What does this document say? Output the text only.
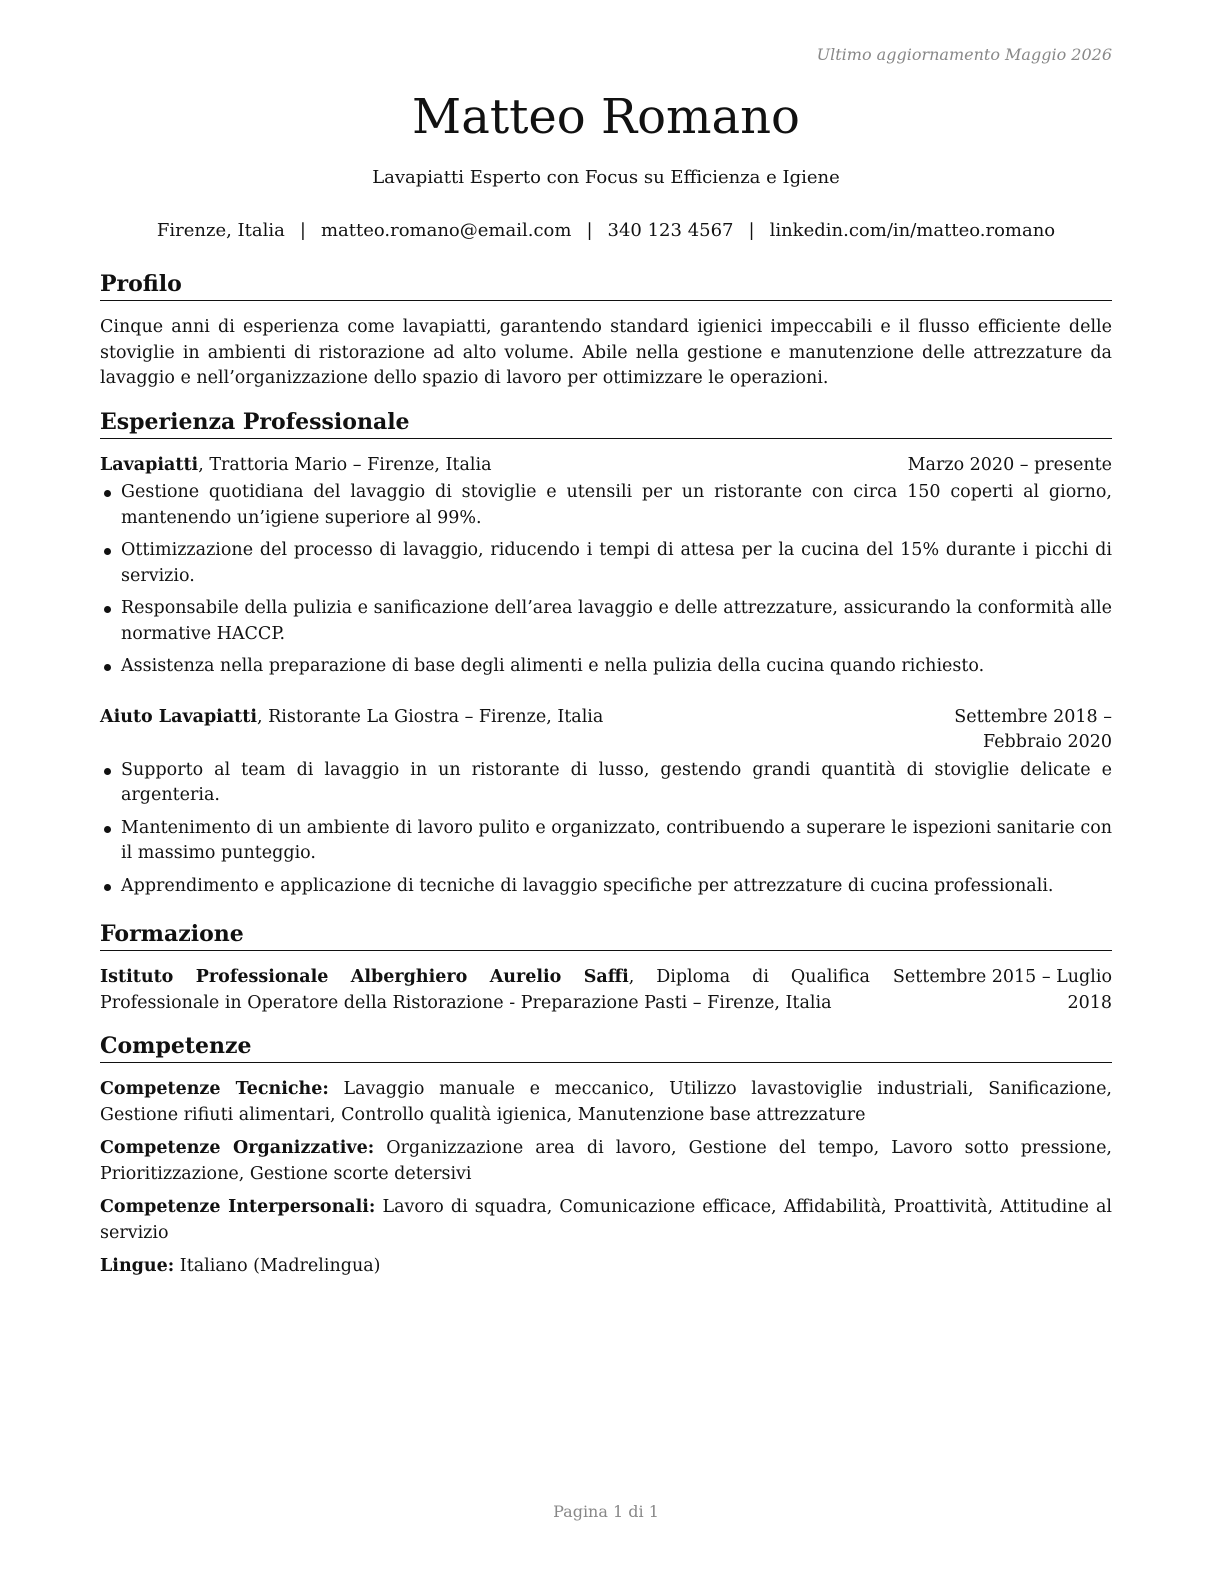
Ultimo aggiornamento Maggio 2026
Matteo Romano
Lavapiatti Esperto con Focus su Efficienza e Igiene
Firenze, Italia | matteo.romano@email.com | 340 123 4567 | linkedin.com/in/matteo.romano
Profilo

Cinque anni di esperienza come lavapiatti, garantendo standard igienici impeccabili e il flusso efficiente delle stoviglie in ambienti di ristorazione ad alto volume. Abile nella gestione e manutenzione delle attrezzature da lavaggio e nell’organizzazione dello spazio di lavoro per ottimizzare le operazioni.

Esperienza Professionale
Lavapiatti, Trattoria Mario – Firenze, Italia	Marzo 2020 – presente
Gestione quotidiana del lavaggio di stoviglie e utensili per un ristorante con circa 150 coperti al giorno, mantenendo un’igiene superiore al 99%.
Ottimizzazione del processo di lavaggio, riducendo i tempi di attesa per la cucina del 15% durante i picchi di servizio.
Responsabile della pulizia e sanificazione dell’area lavaggio e delle attrezzature, assicurando la conformità alle normative HACCP.
Assistenza nella preparazione di base degli alimenti e nella pulizia della cucina quando richiesto.
Aiuto Lavapiatti, Ristorante La Giostra – Firenze, Italia	Settembre 2018 – Febbraio 2020
Supporto al team di lavaggio in un ristorante di lusso, gestendo grandi quantità di stoviglie delicate e argenteria.
Mantenimento di un ambiente di lavoro pulito e organizzato, contribuendo a superare le ispezioni sanitarie con il massimo punteggio.
Apprendimento e applicazione di tecniche di lavaggio specifiche per attrezzature di cucina professionali.
Formazione
Istituto Professionale Alberghiero Aurelio Saffi, Diploma di Qualifica Professionale in Operatore della Ristorazione - Preparazione Pasti – Firenze, Italia
Settembre 2015 – Luglio 2018
Competenze

Competenze Tecniche: Lavaggio manuale e meccanico, Utilizzo lavastoviglie industriali, Sanificazione, Gestione rifiuti alimentari, Controllo qualità igienica, Manutenzione base attrezzature

Competenze Organizzative: Organizzazione area di lavoro, Gestione del tempo, Lavoro sotto pressione, Prioritizzazione, Gestione scorte detersivi

Competenze Interpersonali: Lavoro di squadra, Comunicazione efficace, Affidabilità, Proattività, Attitudine al servizio

Lingue: Italiano (Madrelingua)

Pagina 1 di 1
